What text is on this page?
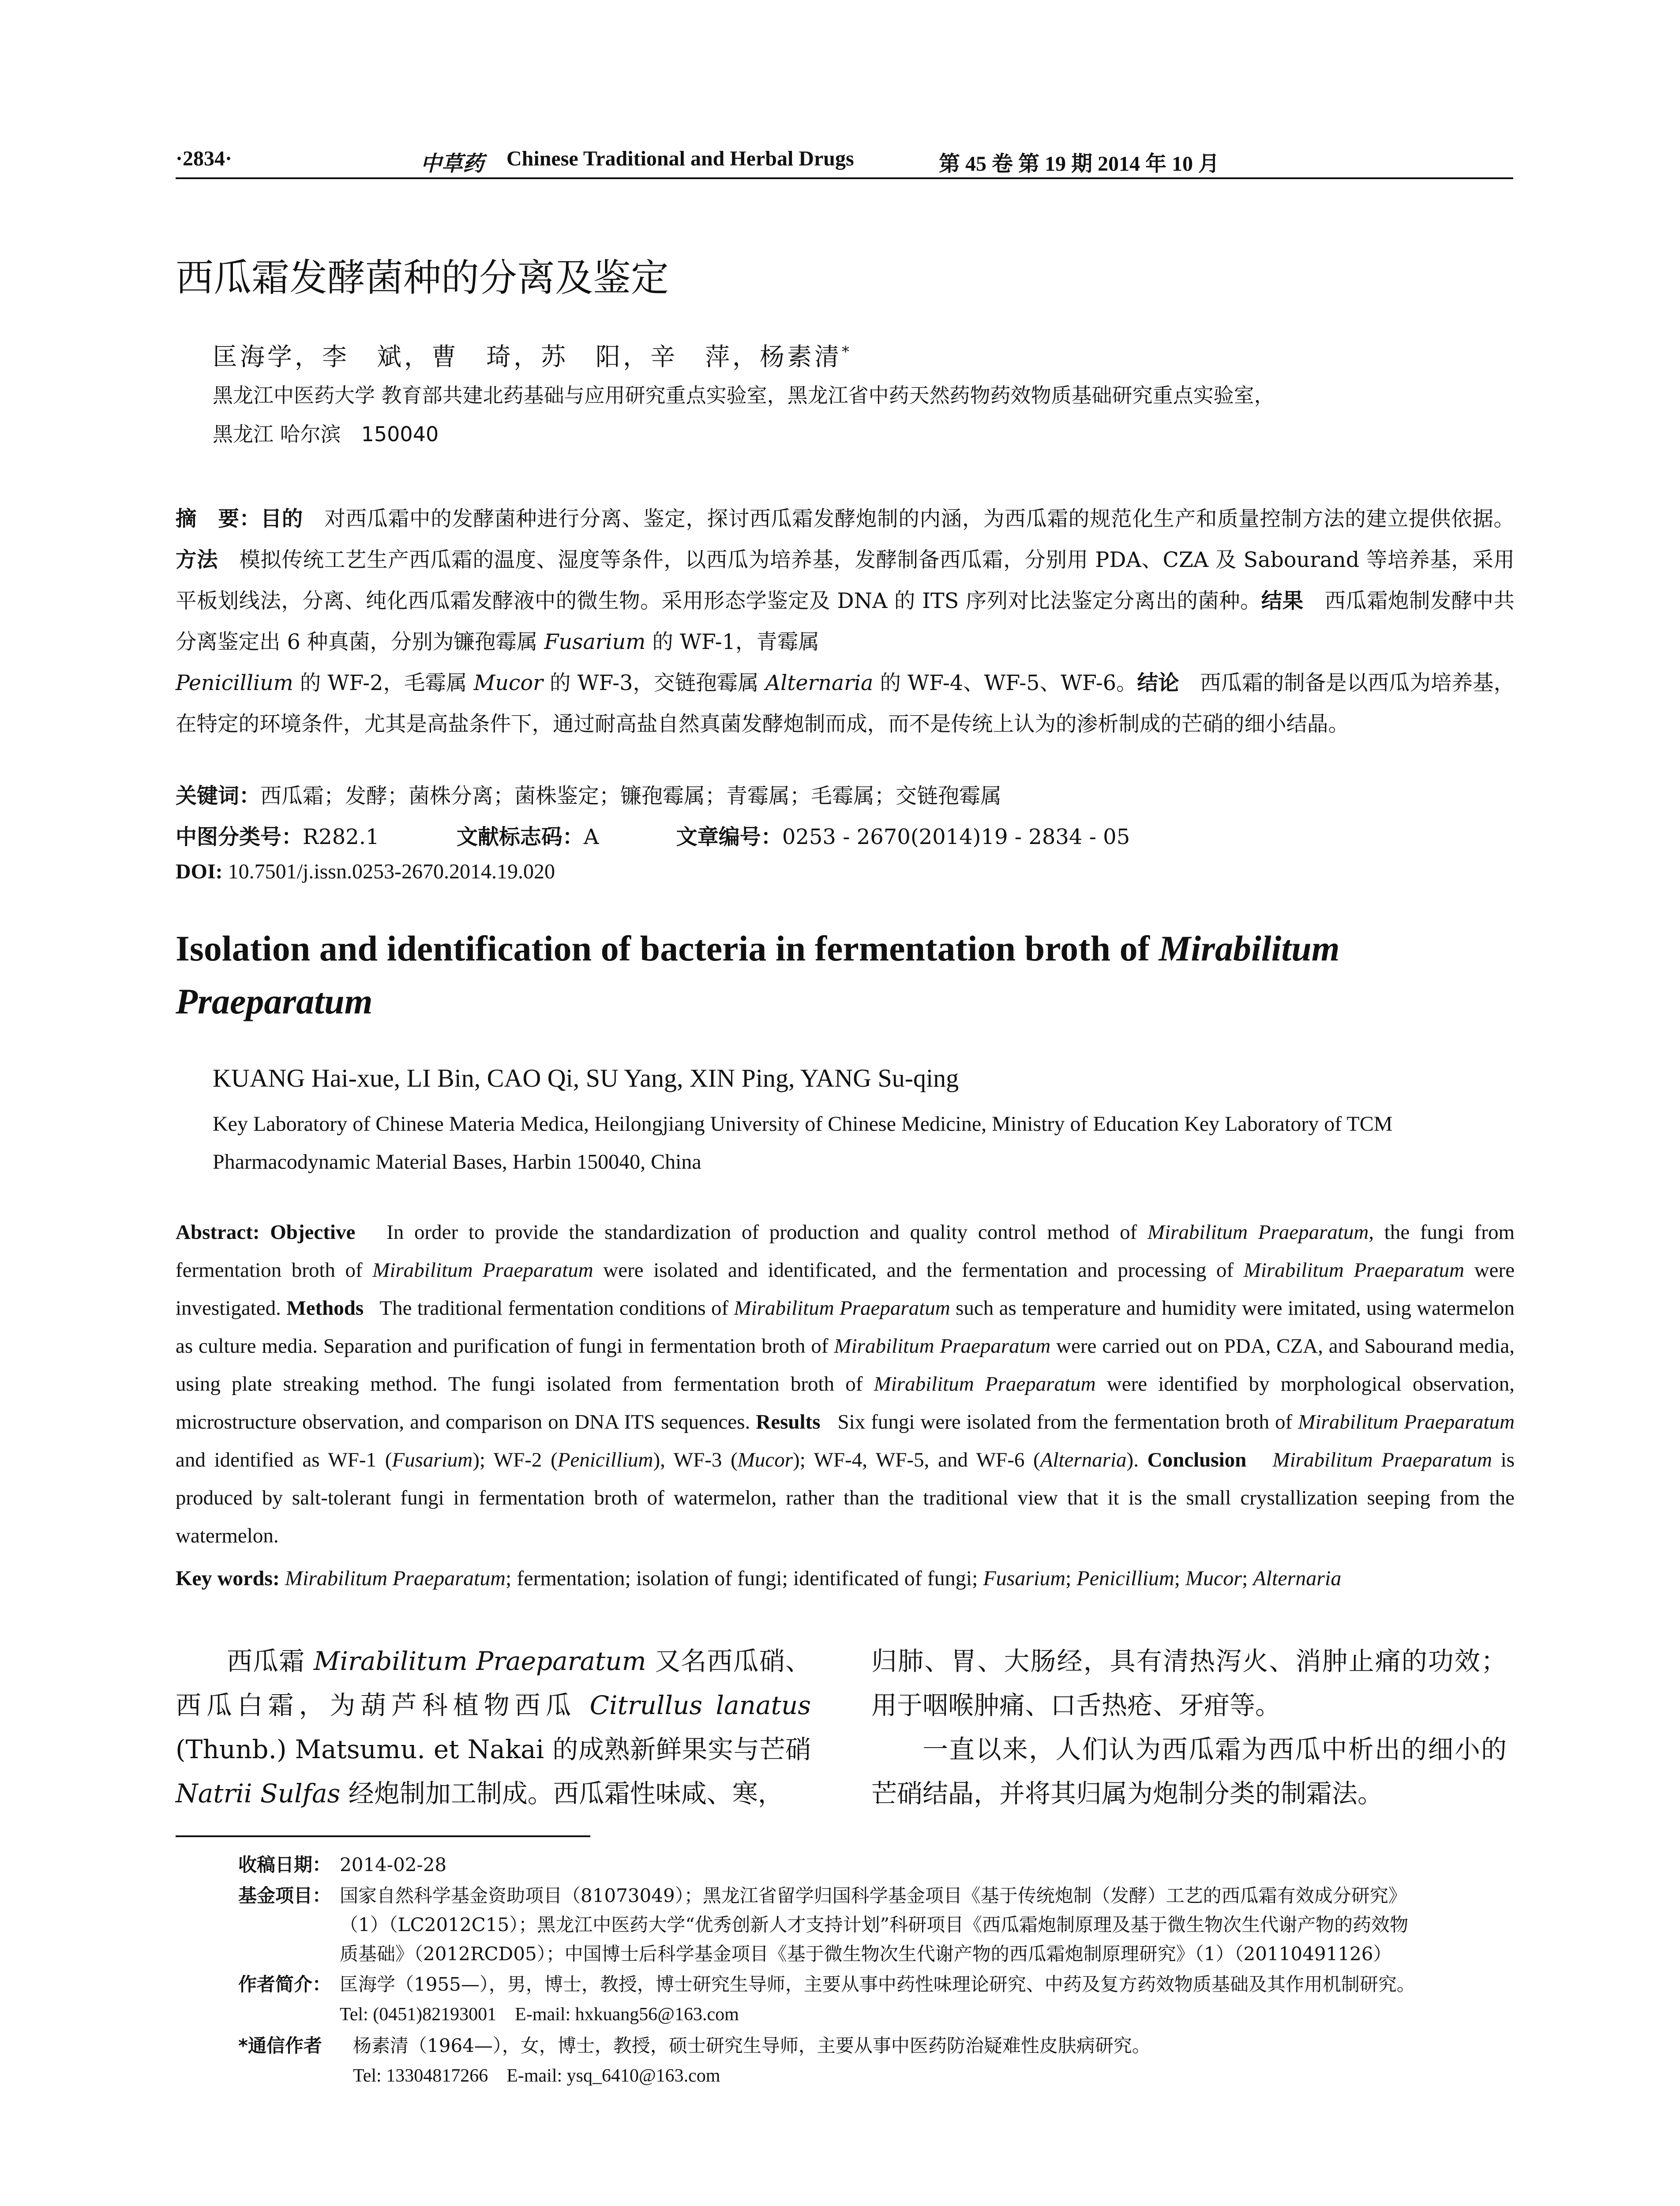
·2834·	中草药 Chinese Traditional and Herbal Drugs	第 45 卷 第 19 期 2014 年 10 月
西瓜霜发酵菌种的分离及鉴定
匡海学，李　斌，曹　琦，苏　阳，辛　萍，杨素清*
黑龙江中医药大学 教育部共建北药基础与应用研究重点实验室，黑龙江省中药天然药物药效物质基础研究重点实验室，
黑龙江 哈尔滨　150040
摘　要：目的　 对西瓜霜中的发酵菌种进行分离、鉴定，探讨西瓜霜发酵炮制的内涵，为西瓜霜的规范化生产和质量控制方法的建立提供依据。方法　 模拟传统工艺生产西瓜霜的温度、湿度等条件，以西瓜为培养基，发酵制备西瓜霜，分别用 PDA、CZA 及 Sabourand 等培养基，采用平板划线法，分离、纯化西瓜霜发酵液中的微生物。采用形态学鉴定及 DNA 的 ITS 序列对比法鉴定分离出的菌种。结果　 西瓜霜炮制发酵中共分离鉴定出 6 种真菌，分别为镰孢霉属 Fusarium 的 WF-1，青霉属
Penicillium 的 WF-2，毛霉属 Mucor 的 WF-3，交链孢霉属 Alternaria 的 WF-4、WF-5、WF-6。结论　 西瓜霜的制备是以西瓜为培养基，在特定的环境条件，尤其是高盐条件下，通过耐高盐自然真菌发酵炮制而成，而不是传统上认为的渗析制成的芒硝的细小结晶。
关键词：西瓜霜；发酵；菌株分离；菌株鉴定；镰孢霉属；青霉属；毛霉属；交链孢霉属
中图分类号：R282.1	文献标志码：A	文章编号：0253 - 2670(2014)19 - 2834 - 05
DOI: 10.7501/j.issn.0253-2670.2014.19.020
Isolation and identification of bacteria in fermentation broth of Mirabilitum
Praeparatum
KUANG Hai-xue, LI Bin, CAO Qi, SU Yang, XIN Ping, YANG Su-qing
Key Laboratory of Chinese Materia Medica, Heilongjiang University of Chinese Medicine, Ministry of Education Key Laboratory of TCM Pharmacodynamic Material Bases, Harbin 150040, China
Abstract: Objective In order to provide the standardization of production and quality control method of Mirabilitum Praeparatum, the fungi from fermentation broth of Mirabilitum Praeparatum were isolated and identificated, and the fermentation and processing of Mirabilitum Praeparatum were investigated. Methods The traditional fermentation conditions of Mirabilitum Praeparatum such as temperature and humidity were imitated, using watermelon as culture media. Separation and purification of fungi in fermentation broth of Mirabilitum Praeparatum were carried out on PDA, CZA, and Sabourand media, using plate streaking method. The fungi isolated from fermentation broth of Mirabilitum Praeparatum were identified by morphological observation, microstructure observation, and comparison on DNA ITS sequences. Results Six fungi were isolated from the fermentation broth of Mirabilitum Praeparatum and identified as WF-1 (Fusarium); WF-2 (Penicillium), WF-3 (Mucor); WF-4, WF-5, and WF-6 (Alternaria). Conclusion Mirabilitum Praeparatum is produced by salt-tolerant fungi in fermentation broth of watermelon, rather than the traditional view that it is the small crystallization seeping from the watermelon.
Key words: Mirabilitum Praeparatum; fermentation; isolation of fungi; identificated of fungi; Fusarium; Penicillium; Mucor; Alternaria

西瓜霜 Mirabilitum Praeparatum 又名西瓜硝、西瓜白霜，为葫芦科植物西瓜 Citrullus lanatus (Thunb.) Matsumu. et Nakai 的成熟新鲜果实与芒硝 Natrii Sulfas 经炮制加工制成。西瓜霜性味咸、寒，

归肺、胃、大肠经，具有清热泻火、消肿止痛的功效；用于咽喉肿痛、口舌热疮、牙疳等。

一直以来，人们认为西瓜霜为西瓜中析出的细小的芒硝结晶，并将其归属为炮制分类的制霜法。

收稿日期： 2014-02-28
基金项目： 国家自然科学基金资助项目（81073049）；黑龙江省留学归国科学基金项目《基于传统炮制（发酵）工艺的西瓜霜有效成分研究》
（1）（LC2012C15）；黑龙江中医药大学“优秀创新人才支持计划”科研项目《西瓜霜炮制原理及基于微生物次生代谢产物的药效物
质基础》（2012RCD05）；中国博士后科学基金项目《基于微生物次生代谢产物的西瓜霜炮制原理研究》（1）（20110491126）
作者简介： 匡海学（1955—），男，博士，教授，博士研究生导师，主要从事中药性味理论研究、中药及复方药效物质基础及其作用机制研究。
Tel: (0451)82193001　E-mail: hxkuang56@163.com
*通信作者 杨素清（1964—），女，博士，教授，硕士研究生导师，主要从事中医药防治疑难性皮肤病研究。
Tel: 13304817266　E-mail: ysq_6410@163.com
